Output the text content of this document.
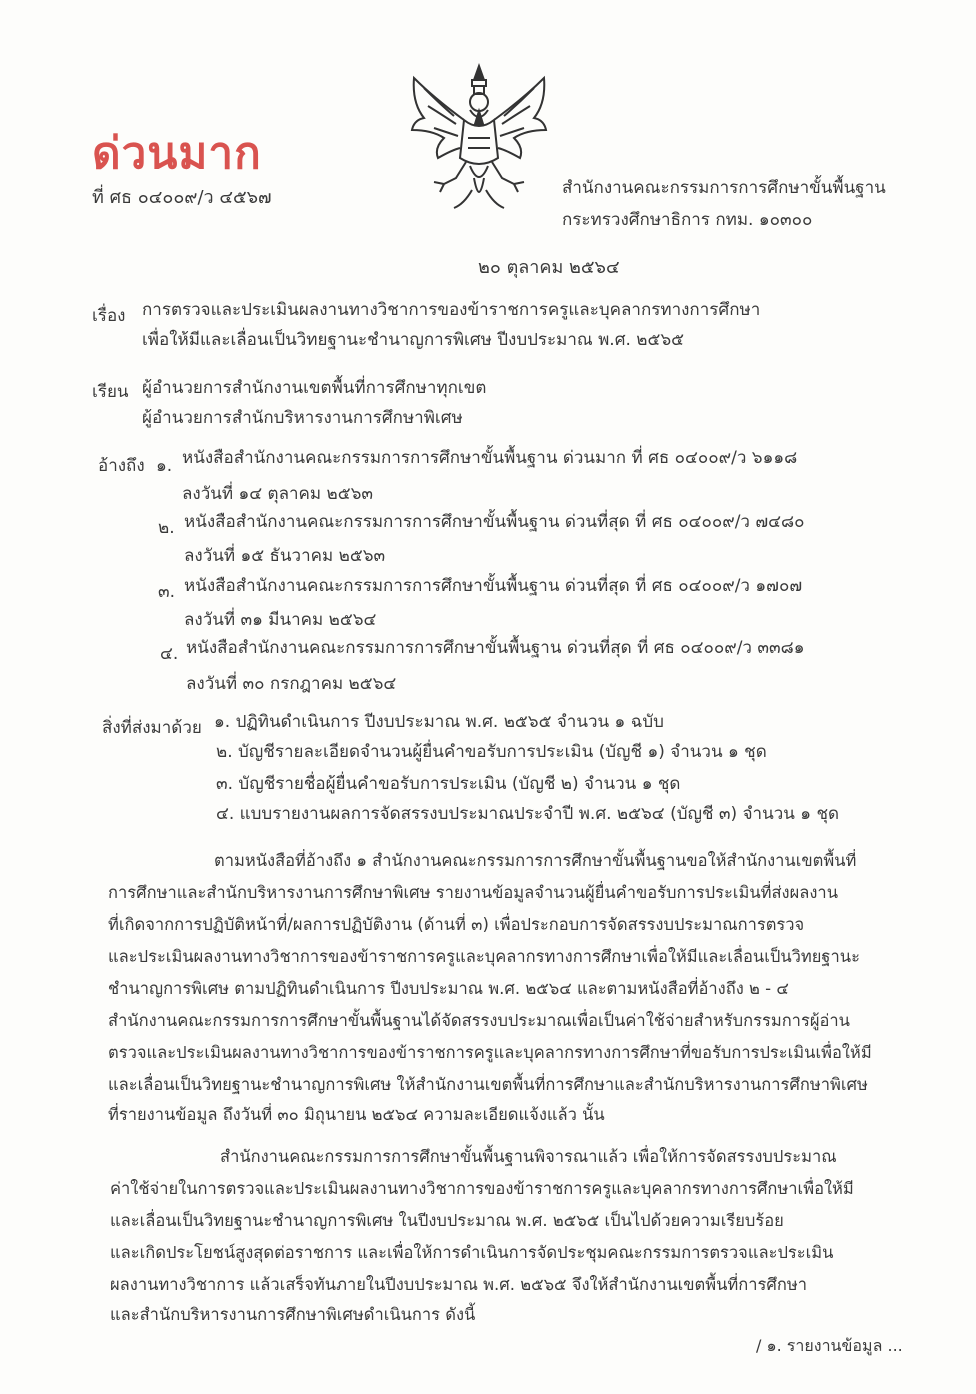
ด่วนมาก
ที่ ศธ ๐๔๐๐๙/ว ๔๕๖๗	สำนักงานคณะกรรมการการศึกษาขั้นพื้นฐาน
กระทรวงศึกษาธิการ กทม. ๑๐๓๐๐
๒๐ ตุลาคม ๒๕๖๔
เรื่อง การตรวจและประเมินผลงานทางวิชาการของข้าราชการครูและบุคลากรทางการศึกษา
เพื่อให้มีและเลื่อนเป็นวิทยฐานะชำนาญการพิเศษ ปีงบประมาณ พ.ศ. ๒๕๖๕
เรียน ผู้อำนวยการสำนักงานเขตพื้นที่การศึกษาทุกเขต
ผู้อำนวยการสำนักบริหารงานการศึกษาพิเศษ
อ้างถึง ๑. หนังสือสำนักงานคณะกรรมการการศึกษาขั้นพื้นฐาน ด่วนมาก ที่ ศธ ๐๔๐๐๙/ว ๖๑๑๘
ลงวันที่ ๑๔ ตุลาคม ๒๕๖๓
๒. หนังสือสำนักงานคณะกรรมการการศึกษาขั้นพื้นฐาน ด่วนที่สุด ที่ ศธ ๐๔๐๐๙/ว ๗๔๘๐
ลงวันที่ ๑๕ ธันวาคม ๒๕๖๓
๓. หนังสือสำนักงานคณะกรรมการการศึกษาขั้นพื้นฐาน ด่วนที่สุด ที่ ศธ ๐๔๐๐๙/ว ๑๗๐๗
ลงวันที่ ๓๑ มีนาคม ๒๕๖๔
๔. หนังสือสำนักงานคณะกรรมการการศึกษาขั้นพื้นฐาน ด่วนที่สุด ที่ ศธ ๐๔๐๐๙/ว ๓๓๘๑
ลงวันที่ ๓๐ กรกฎาคม ๒๕๖๔
สิ่งที่ส่งมาด้วย ๑. ปฏิทินดำเนินการ ปีงบประมาณ พ.ศ. ๒๕๖๕ จำนวน ๑ ฉบับ
๒. บัญชีรายละเอียดจำนวนผู้ยื่นคำขอรับการประเมิน (บัญชี ๑) จำนวน ๑ ชุด
๓. บัญชีรายชื่อผู้ยื่นคำขอรับการประเมิน (บัญชี ๒) จำนวน ๑ ชุด
๔. แบบรายงานผลการจัดสรรงบประมาณประจำปี พ.ศ. ๒๕๖๔ (บัญชี ๓) จำนวน ๑ ชุด
ตามหนังสือที่อ้างถึง ๑ สำนักงานคณะกรรมการการศึกษาขั้นพื้นฐานขอให้สำนักงานเขตพื้นที่
การศึกษาและสำนักบริหารงานการศึกษาพิเศษ รายงานข้อมูลจำนวนผู้ยื่นคำขอรับการประเมินที่ส่งผลงาน
ที่เกิดจากการปฏิบัติหน้าที่/ผลการปฏิบัติงาน (ด้านที่ ๓) เพื่อประกอบการจัดสรรงบประมาณการตรวจ
และประเมินผลงานทางวิชาการของข้าราชการครูและบุคลากรทางการศึกษาเพื่อให้มีและเลื่อนเป็นวิทยฐานะ
ชำนาญการพิเศษ ตามปฏิทินดำเนินการ ปีงบประมาณ พ.ศ. ๒๕๖๔ และตามหนังสือที่อ้างถึง ๒ - ๔
สำนักงานคณะกรรมการการศึกษาขั้นพื้นฐานได้จัดสรรงบประมาณเพื่อเป็นค่าใช้จ่ายสำหรับกรรมการผู้อ่าน
ตรวจและประเมินผลงานทางวิชาการของข้าราชการครูและบุคลากรทางการศึกษาที่ขอรับการประเมินเพื่อให้มี
และเลื่อนเป็นวิทยฐานะชำนาญการพิเศษ ให้สำนักงานเขตพื้นที่การศึกษาและสำนักบริหารงานการศึกษาพิเศษ
ที่รายงานข้อมูล ถึงวันที่ ๓๐ มิถุนายน ๒๕๖๔ ความละเอียดแจ้งแล้ว นั้น
สำนักงานคณะกรรมการการศึกษาขั้นพื้นฐานพิจารณาแล้ว เพื่อให้การจัดสรรงบประมาณ
ค่าใช้จ่ายในการตรวจและประเมินผลงานทางวิชาการของข้าราชการครูและบุคลากรทางการศึกษาเพื่อให้มี
และเลื่อนเป็นวิทยฐานะชำนาญการพิเศษ ในปีงบประมาณ พ.ศ. ๒๕๖๕ เป็นไปด้วยความเรียบร้อย
และเกิดประโยชน์สูงสุดต่อราชการ และเพื่อให้การดำเนินการจัดประชุมคณะกรรมการตรวจและประเมิน
ผลงานทางวิชาการ แล้วเสร็จทันภายในปีงบประมาณ พ.ศ. ๒๕๖๕ จึงให้สำนักงานเขตพื้นที่การศึกษา
และสำนักบริหารงานการศึกษาพิเศษดำเนินการ ดังนี้
/ ๑. รายงานข้อมูล ...
